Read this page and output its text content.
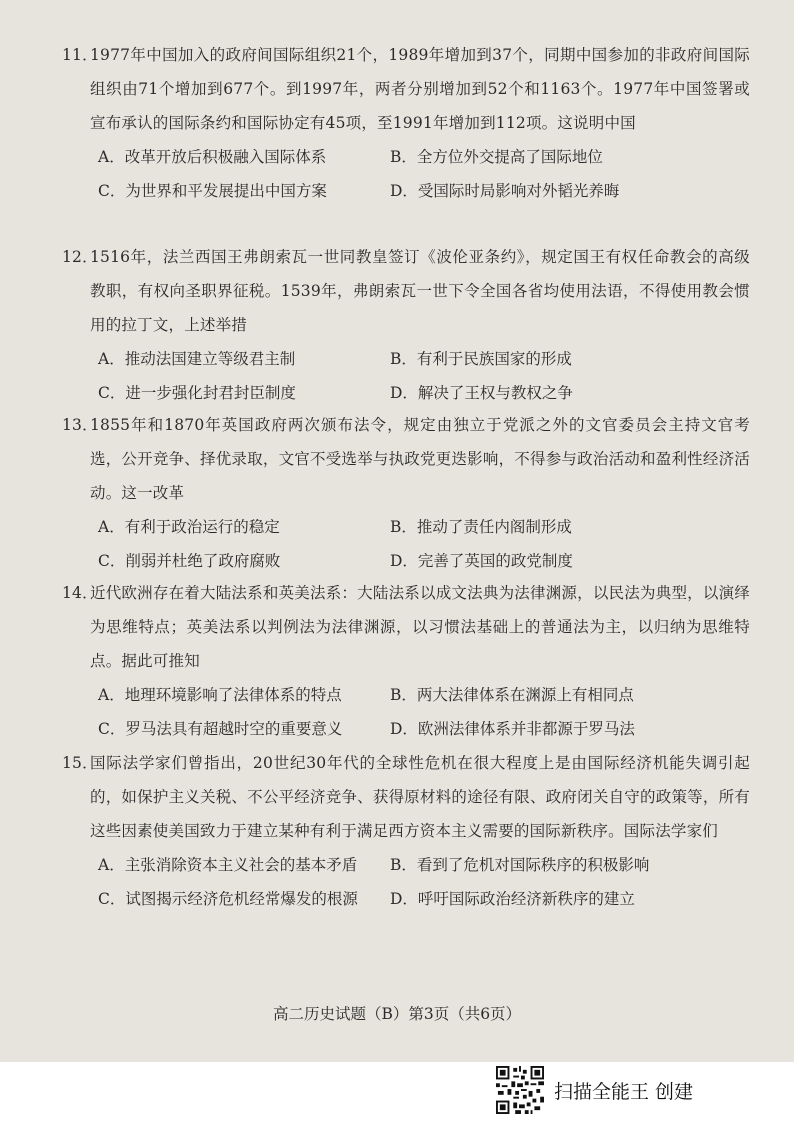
11．
1977年中国加入的政府间国际组织21个，1989年增加到37个，同期中国参加的非政府间国际组织由71个增加到677个。到1997年，两者分别增加到52个和1163个。1977年中国签署或宣布承认的国际条约和国际协定有45项，至1991年增加到112项。这说明中国
A．改革开放后积极融入国际体系	B．全方位外交提高了国际地位
C．为世界和平发展提出中国方案	D．受国际时局影响对外韬光养晦
12．
1516年，法兰西国王弗朗索瓦一世同教皇签订《波伦亚条约》，规定国王有权任命教会的高级教职，有权向圣职界征税。1539年，弗朗索瓦一世下令全国各省均使用法语，不得使用教会惯用的拉丁文，上述举措
A．推动法国建立等级君主制	B．有利于民族国家的形成
C．进一步强化封君封臣制度	D．解决了王权与教权之争
13．
1855年和1870年英国政府两次颁布法令，规定由独立于党派之外的文官委员会主持文官考选，公开竞争、择优录取，文官不受选举与执政党更迭影响，不得参与政治活动和盈利性经济活动。这一改革
A．有利于政治运行的稳定	B．推动了责任内阁制形成
C．削弱并杜绝了政府腐败	D．完善了英国的政党制度
14．
近代欧洲存在着大陆法系和英美法系：大陆法系以成文法典为法律渊源，以民法为典型，以演绎为思维特点；英美法系以判例法为法律渊源，以习惯法基础上的普通法为主，以归纳为思维特点。据此可推知
A．地理环境影响了法律体系的特点	B．两大法律体系在渊源上有相同点
C．罗马法具有超越时空的重要意义	D．欧洲法律体系并非都源于罗马法
15．
国际法学家们曾指出，20世纪30年代的全球性危机在很大程度上是由国际经济机能失调引起的，如保护主义关税、不公平经济竞争、获得原材料的途径有限、政府闭关自守的政策等，所有这些因素使美国致力于建立某种有利于满足西方资本主义需要的国际新秩序。国际法学家们
A．主张消除资本主义社会的基本矛盾	B．看到了危机对国际秩序的积极影响
C．试图揭示经济危机经常爆发的根源	D．呼吁国际政治经济新秩序的建立
高二历史试题（B）第3页（共6页）
扫描全能王 创建
